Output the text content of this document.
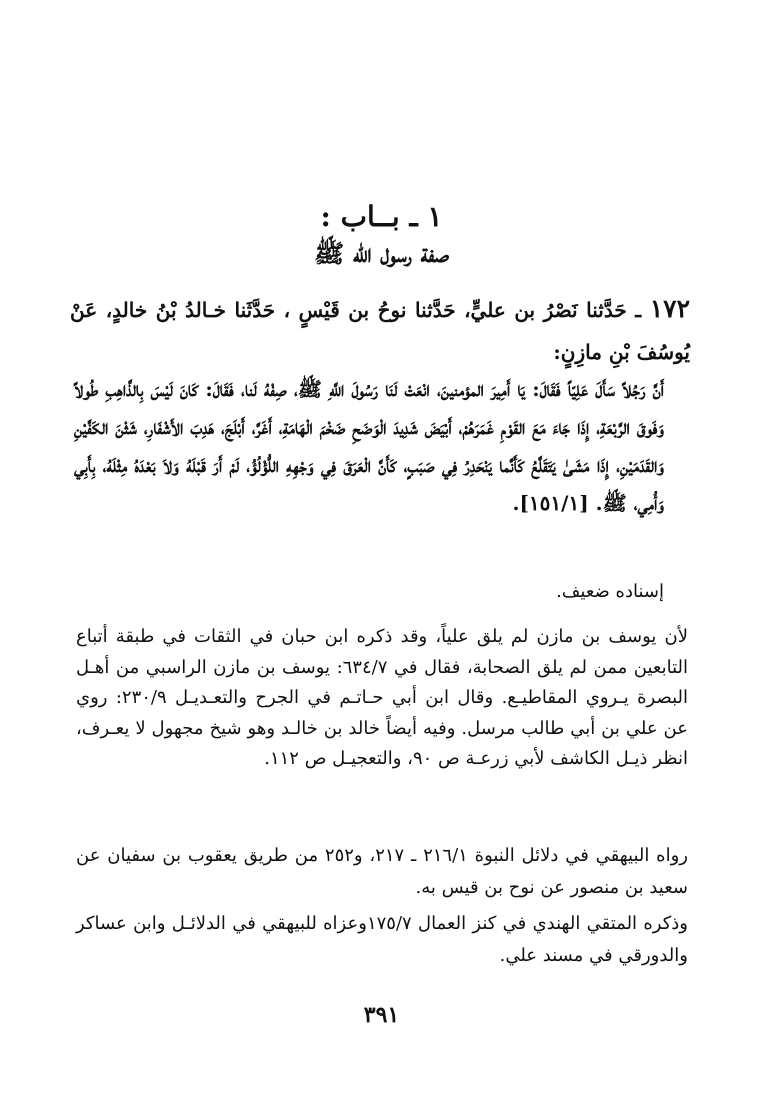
١ ـ بــاب :
صفة رسول الله ﷺ
١٧٢ ـ حَدَّثنا نَصْرُ بن عليٍّ، حَدَّثنا نوحُ بن قَيْسٍ ، حَدَّثَنا خـالدُ بْنُ خالدٍ، عَنْ يُوسُفَ بْنِ مازِنٍ:

أَنَّ رَجُلاً سَأَلَ عَلِيّاً فَقَالَ: يَا أَمِيرَ المؤمنينَ، انْعَتْ لَنَا رَسُولَ اللَّهِ ﷺ، صِفْهُ لَنا، فَقَالَ: كَانَ لَيْسَ بِالذَّاهِبِ طُولاً وَفَوقَ الرَّبْعَةِ، إِذَا جَاءَ مَعَ القَوْمِ غَمَرَهُمْ، أَبْيَضَ شَدِيدَ الْوَضَحِ ضَخْمَ الْهَامَةِ، أَغَرَّ، أَبْلَجَ، هَدِبَ الأَشْفَارِ، شَثْنَ الكَفَّيْنِ وَالقَدَمَيْنِ، إِذَا مَشَىٰ يَتَقَلَّعُ كَأَنَّما يَنْحَدِرُ فِي صَبَبٍ، كَأَنَّ الْعَرَقَ فِي وَجْهِهِ اللُّؤْلُؤُ، لَمْ أَرَ قَبْلَهُ وَلاَ بَعْدَهُ مِثْلَهُ، بِأَبِي وَأُمِي، ﷺ. [١٥١/١].

إسناده ضعيف.

لأن يوسف بن مازن لم يلق علياً، وقد ذكره ابن حبان في الثقات في طبقة أتباع التابعين ممن لم يلق الصحابة، فقال في ٦٣٤/٧: يوسف بن مازن الراسبي من أهـل البصرة يـروي المقاطيـع. وقال ابن أبي حـاتـم في الجرح والتعـديـل ٢٣٠/٩: روي عن علي بن أبي طالب مرسل. وفيه أيضاً خالد بن خالـد وهو شيخ مجهول لا يعـرف، انظر ذيـل الكاشف لأبي زرعـة ص ٩٠، والتعجيـل ص ١١٢.

رواه البيهقي في دلائل النبوة ٢١٦/١ ـ ٢١٧، و٢٥٢ من طريق يعقوب بن سفيان عن سعيد بن منصور عن نوح بن قيس به.

وذكره المتقي الهندي في كنز العمال ١٧٥/٧وعزاه للبيهقي في الدلائـل وابن عساكر والدورقي في مسند علي.

٣٩١
